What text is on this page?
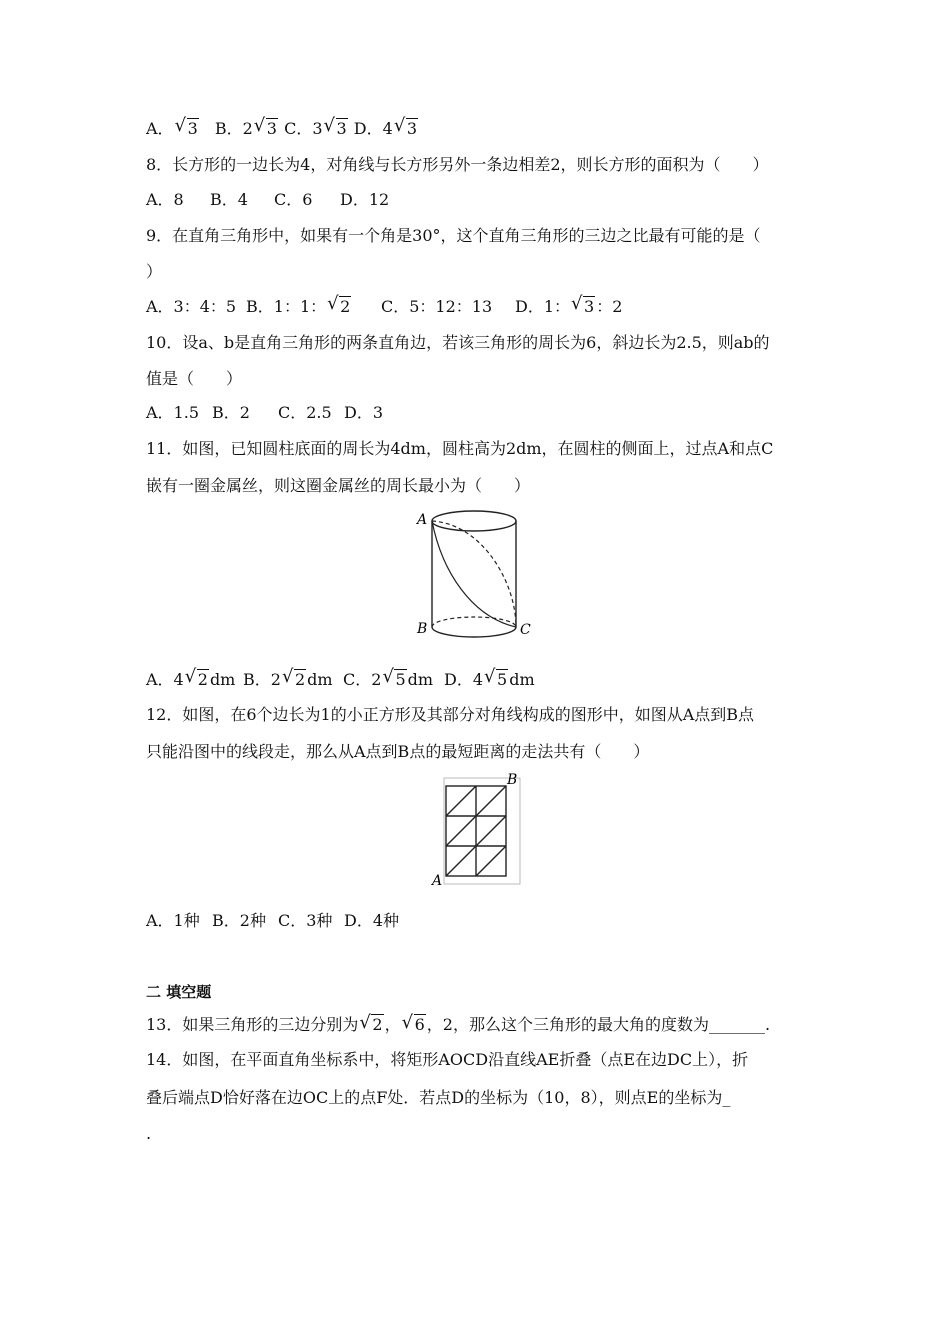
A． √ 3 B．2 √ 3 C．3 √ 3 D．4 √ 3
8．长方形的一边长为4，对角线与长方形另外一条边相差2，则长方形的面积为（　　）
A．8 B．4 C．6 D．12
9．在直角三角形中，如果有一个角是30°，这个直角三角形的三边之比最有可能的是（
）
A．3：4：5 B．1：1： √ 2 C．5：12：13 D．1： √ 3 ：2
10．设a、b是直角三角形的两条直角边，若该三角形的周长为6，斜边长为2.5，则ab的
值是（　　）
A．1.5 B．2 C．2.5 D．3
11．如图，已知圆柱底面的周长为4dm，圆柱高为2dm，在圆柱的侧面上，过点A和点C
嵌有一圈金属丝，则这圈金属丝的周长最小为（　　）
A
B	C
A．4 √ 2 dm B．2 √ 2 dm C．2 √ 5 dm D．4 √ 5 dm
12．如图，在6个边长为1的小正方形及其部分对角线构成的图形中，如图从A点到B点
只能沿图中的线段走，那么从A点到B点的最短距离的走法共有（　　）
A
B
A．1种 B．2种 C．3种 D．4种
二 填空题
13．如果三角形的三边分别为 √ 2 ， √ 6 ，2，那么这个三角形的最大角的度数为_______.
14．如图，在平面直角坐标系中，将矩形AOCD沿直线AE折叠（点E在边DC上），折
叠后端点D恰好落在边OC上的点F处．若点D的坐标为（10，8），则点E的坐标为_
.
